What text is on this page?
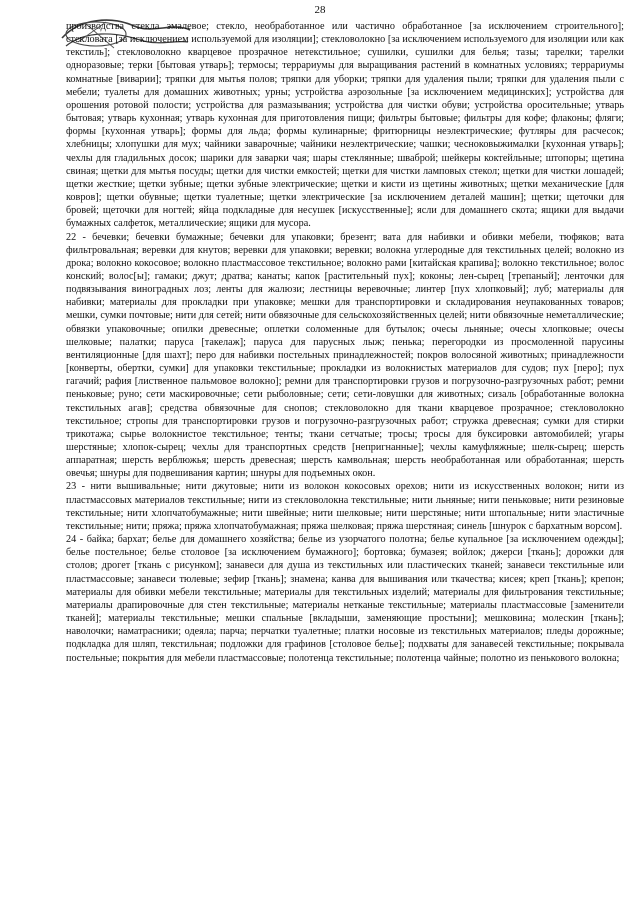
28

производства стекла эмалевое; стекло, необработанное или частично обработанное [за исключением строительного]; стекловата [за исключением используемой для изоляции]; стекловолокно [за исключением используемого для изоляции или как текстиль]; стекловолокно кварцевое прозрачное нетекстильное; сушилки, сушилки для белья; тазы; тарелки; тарелки одноразовые; терки [бытовая утварь]; термосы; террариумы для выращивания растений в комнатных условиях; террариумы комнатные [виварии]; тряпки для мытья полов; тряпки для уборки; тряпки для удаления пыли; тряпки для удаления пыли с мебели; туалеты для домашних животных; урны; устройства аэрозольные [за исключением медицинских]; устройства для орошения ротовой полости; устройства для размазывания; устройства для чистки обуви; устройства оросительные; утварь бытовая; утварь кухонная; утварь кухонная для приготовления пищи; фильтры бытовые; фильтры для кофе; флаконы; фляги; формы [кухонная утварь]; формы для льда; формы кулинарные; фритюрницы неэлектрические; футляры для расчесок; хлебницы; хлопушки для мух; чайники заварочные; чайники неэлектрические; чашки; чесноковыжималки [кухонная утварь]; чехлы для гладильных досок; шарики для заварки чая; шары стеклянные; шваброй; шейкеры коктейльные; штопоры; щетина свиная; щетки для мытья посуды; щетки для чистки емкостей; щетки для чистки ламповых стекол; щетки для чистки лошадей; щетки жесткие; щетки зубные; щетки зубные электрические; щетки и кисти из щетины животных; щетки механические [для ковров]; щетки обувные; щетки туалетные; щетки электрические [за исключением деталей машин]; щетки; щеточки для бровей; щеточки для ногтей; яйца подкладные для несушек [искусственные]; ясли для домашнего скота; ящики для выдачи бумажных салфеток, металлические; ящики для мусора.

22 - бечевки; бечевки бумажные; бечевки для упаковки; брезент; вата для набивки и обивки мебели, тюфяков; вата фильтровальная; веревки для кнутов; веревки для упаковки; веревки; волокна углеродные для текстильных целей; волокно из дрока; волокно кокосовое; волокно пластмассовое текстильное; волокно рами [китайская крапива]; волокно текстильное; волос конский; волос[ы]; гамаки; джут; дратва; канаты; капок [растительный пух]; коконы; лен-сырец [трепаный]; ленточки для подвязывания виноградных лоз; ленты для жалюзи; лестницы веревочные; линтер [пух хлопковый]; луб; материалы для набивки; материалы для прокладки при упаковке; мешки для транспортировки и складирования неупакованных товаров; мешки, сумки почтовые; нити для сетей; нити обвязочные для сельскохозяйственных целей; нити обвязочные неметаллические; обвязки упаковочные; опилки древесные; оплетки соломенные для бутылок; очесы льняные; очесы хлопковые; очесы шелковые; палатки; паруса [такелаж]; паруса для парусных лыж; пенька; перегородки из просмоленной парусины вентиляционные [для шахт]; перо для набивки постельных принадлежностей; покров волосяной животных; принадлежности [конверты, обертки, сумки] для упаковки текстильные; прокладки из волокнистых материалов для судов; пух [перо]; пух гагачий; рафия [лиственное пальмовое волокно]; ремни для транспортировки грузов и погрузочно-разгрузочных работ; ремни пеньковые; руно; сети маскировочные; сети рыболовные; сети; сети-ловушки для животных; сизаль [обработанные волокна текстильных агав]; средства обвязочные для снопов; стекловолокно для ткани кварцевое прозрачное; стекловолокно текстильное; стропы для транспортировки грузов и погрузочно-разгрузочных работ; стружка древесная; сумки для стирки трикотажа; сырье волокнистое текстильное; тенты; ткани сетчатые; тросы; тросы для буксировки автомобилей; угары шерстяные; хлопок-сырец; чехлы для транспортных средств [непригнанные]; чехлы камуфляжные; шелк-сырец; шерсть аппаратная; шерсть верблюжья; шерсть древесная; шерсть камвольная; шерсть необработанная или обработанная; шерсть овечья; шнуры для подвешивания картин; шнуры для подъемных окон.

23 - нити вышивальные; нити джутовые; нити из волокон кокосовых орехов; нити из искусственных волокон; нити из пластмассовых материалов текстильные; нити из стекловолокна текстильные; нити льняные; нити пеньковые; нити резиновые текстильные; нити хлопчатобумажные; нити швейные; нити шелковые; нити шерстяные; нити штопальные; нити эластичные текстильные; нити; пряжа; пряжа хлопчатобумажная; пряжа шелковая; пряжа шерстяная; синель [шнурок с бархатным ворсом].

24 - байка; бархат; белье для домашнего хозяйства; белье из узорчатого полотна; белье купальное [за исключением одежды]; белье постельное; белье столовое [за исключением бумажного]; бортовка; бумазея; войлок; джерси [ткань]; дорожки для столов; дрогет [ткань с рисунком]; занавеси для душа из текстильных или пластических тканей; занавеси текстильные или пластмассовые; занавеси тюлевые; зефир [ткань]; знамена; канва для вышивания или ткачества; кисея; креп [ткань]; крепон; материалы для обивки мебели текстильные; материалы для текстильных изделий; материалы для фильтрования текстильные; материалы драпировочные для стен текстильные; материалы нетканые текстильные; материалы пластмассовые [заменители тканей]; материалы текстильные; мешки спальные [вкладыши, заменяющие простыни]; мешковина; молескин [ткань]; наволочки; наматрасники; одеяла; парча; перчатки туалетные; платки носовые из текстильных материалов; пледы дорожные; подкладка для шляп, текстильная; подложки для графинов [столовое белье]; подхваты для занавесей текстильные; покрывала постельные; покрытия для мебели пластмассовые; полотенца текстильные; полотенца чайные; полотно из пенькового волокна;
